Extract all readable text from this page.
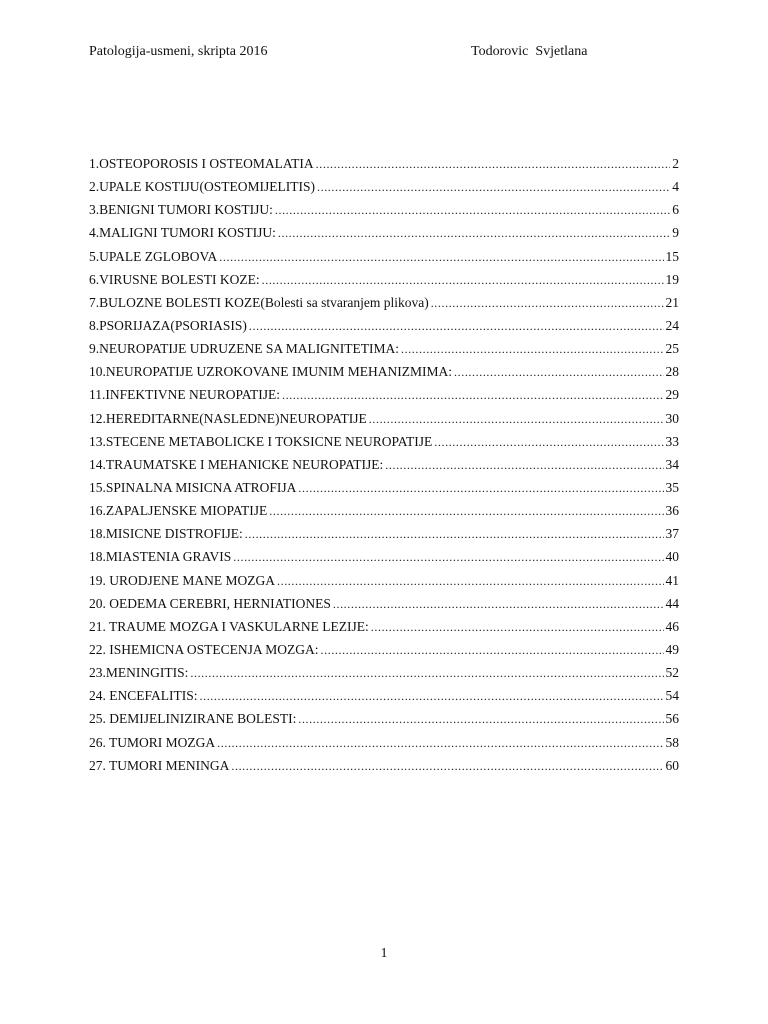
Patologija-usmeni, skripta 2016	Todorovic  Svjetlana
1.OSTEOPOROSIS I OSTEOMALATIA .....	2
2.UPALE KOSTIJU(OSTEOMIJELITIS) .....	4
3.BENIGNI TUMORI KOSTIJU: .....	6
4.MALIGNI TUMORI KOSTIJU: .....	9
5.UPALE ZGLOBOVA .....	15
6.VIRUSNE BOLESTI KOZE: .....	19
7.BULOZNE BOLESTI KOZE(Bolesti sa stvaranjem plikova) .....	21
8.PSORIJAZA(PSORIASIS) .....	24
9.NEUROPATIJE UDRUZENE SA MALIGNITETIMA: .....	25
10.NEUROPATIJE UZROKOVANE IMUNIM MEHANIZMIMA: .....	28
11.INFEKTIVNE NEUROPATIJE: .....	29
12.HEREDITARNE(NASLEDNE)NEUROPATIJE .....	30
13.STECENE METABOLICKE I TOKSICNE NEUROPATIJE .....	33
14.TRAUMATSKE I MEHANICKE NEUROPATIJE: .....	34
15.SPINALNA MISICNA ATROFIJA .....	35
16.ZAPALJENSKE MIOPATIJE .....	36
18.MISICNE DISTROFIJE: .....	37
18.MIASTENIA GRAVIS .....	40
19. URODJENE MANE MOZGA .....	41
20. OEDEMA CEREBRI, HERNIATIONES .....	44
21. TRAUME MOZGA I VASKULARNE LEZIJE: .....	46
22. ISHEMICNA OSTECENJA MOZGA: .....	49
23.MENINGITIS: .....	52
24. ENCEFALITIS: .....	54
25. DEMIJELINIZIRANE BOLESTI: .....	56
26. TUMORI MOZGA .....	58
27. TUMORI MENINGA .....	60
1
